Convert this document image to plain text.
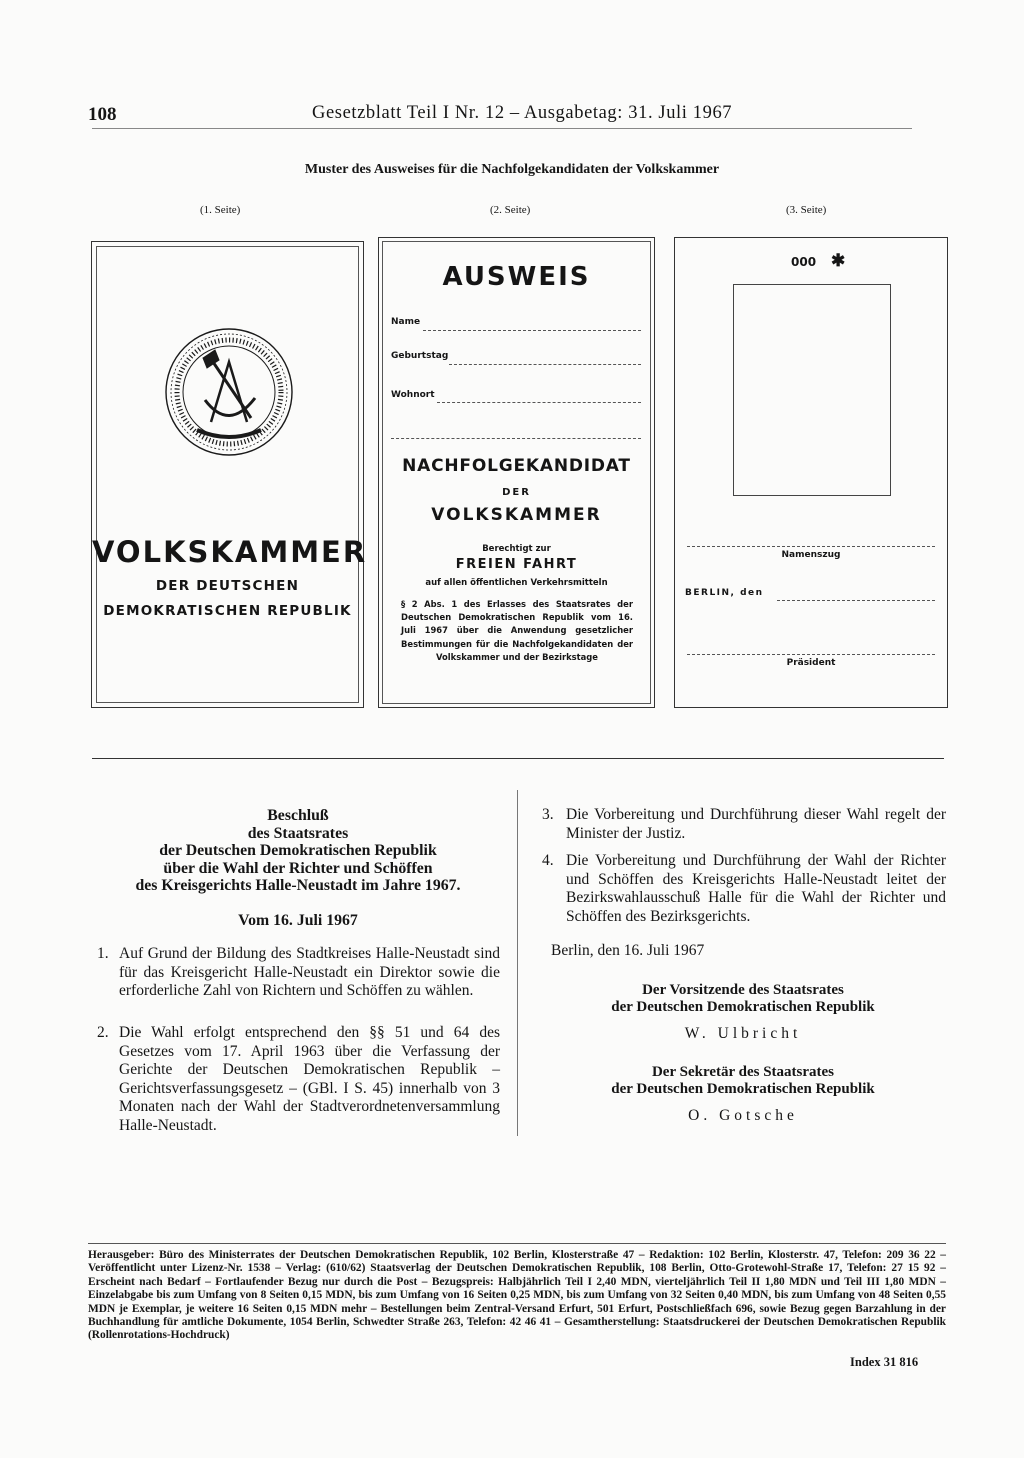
108	Gesetzblatt Teil I Nr. 12 – Ausgabetag: 31. Juli 1967
Muster des Ausweises für die Nachfolgekandidaten der Volkskammer
(1. Seite)	(2. Seite)	(3. Seite)
VOLKSKAMMER
DER DEUTSCHEN
DEMOKRATISCHEN REPUBLIK
AUSWEIS
Name
Geburtstag
Wohnort
NACHFOLGEKANDIDAT
DER
VOLKSKAMMER
Berechtigt zur
FREIEN FAHRT
auf allen öffentlichen Verkehrsmitteln
§ 2 Abs. 1 des Erlasses des Staatsrates der Deutschen Demokratischen Republik vom 16. Juli 1967 über die Anwendung gesetzlicher Bestimmungen für die Nachfolgekandidaten der Volkskammer und der Bezirkstage
000 ✱
Namenszug
BERLIN, den
Präsident
Beschluß
des Staatsrates
der Deutschen Demokratischen Republik
über die Wahl der Richter und Schöffen
des Kreisgerichts Halle-Neustadt im Jahre 1967.
Vom 16. Juli 1967
1. Auf Grund der Bildung des Stadtkreises Halle-Neustadt sind für das Kreisgericht Halle-Neustadt ein Direktor sowie die erforderliche Zahl von Richtern und Schöffen zu wählen.
2. Die Wahl erfolgt entsprechend den §§ 51 und 64 des Gesetzes vom 17. April 1963 über die Verfassung der Gerichte der Deutschen Demokratischen Republik – Gerichtsverfassungsgesetz – (GBl. I S. 45) innerhalb von 3 Monaten nach der Wahl der Stadtverordnetenversammlung Halle-Neustadt.
3. Die Vorbereitung und Durchführung dieser Wahl regelt der Minister der Justiz.
4. Die Vorbereitung und Durchführung der Wahl der Richter und Schöffen des Kreisgerichts Halle-Neustadt leitet der Bezirkswahlausschuß Halle für die Wahl der Richter und Schöffen des Bezirksgerichts.
Berlin, den 16. Juli 1967
Der Vorsitzende des Staatsrates
der Deutschen Demokratischen Republik
W. Ulbricht
Der Sekretär des Staatsrates
der Deutschen Demokratischen Republik
O. Gotsche
Herausgeber: Büro des Ministerrates der Deutschen Demokratischen Republik, 102 Berlin, Klosterstraße 47 – Redaktion: 102 Berlin, Klosterstr. 47, Telefon: 209 36 22 – Veröffentlicht unter Lizenz-Nr. 1538 – Verlag: (610/62) Staatsverlag der Deutschen Demokratischen Republik, 108 Berlin, Otto-Grotewohl-Straße 17, Telefon: 27 15 92 – Erscheint nach Bedarf – Fortlaufender Bezug nur durch die Post – Bezugspreis: Halbjährlich Teil I 2,40 MDN, vierteljährlich Teil II 1,80 MDN und Teil III 1,80 MDN – Einzelabgabe bis zum Umfang von 8 Seiten 0,15 MDN, bis zum Umfang von 16 Seiten 0,25 MDN, bis zum Umfang von 32 Seiten 0,40 MDN, bis zum Umfang von 48 Seiten 0,55 MDN je Exemplar, je weitere 16 Seiten 0,15 MDN mehr – Bestellungen beim Zentral-Versand Erfurt, 501 Erfurt, Postschließfach 696, sowie Bezug gegen Barzahlung in der Buchhandlung für amtliche Dokumente, 1054 Berlin, Schwedter Straße 263, Telefon: 42 46 41 – Gesamtherstellung: Staatsdruckerei der Deutschen Demokratischen Republik (Rollenrotations-Hochdruck)
Index 31 816
